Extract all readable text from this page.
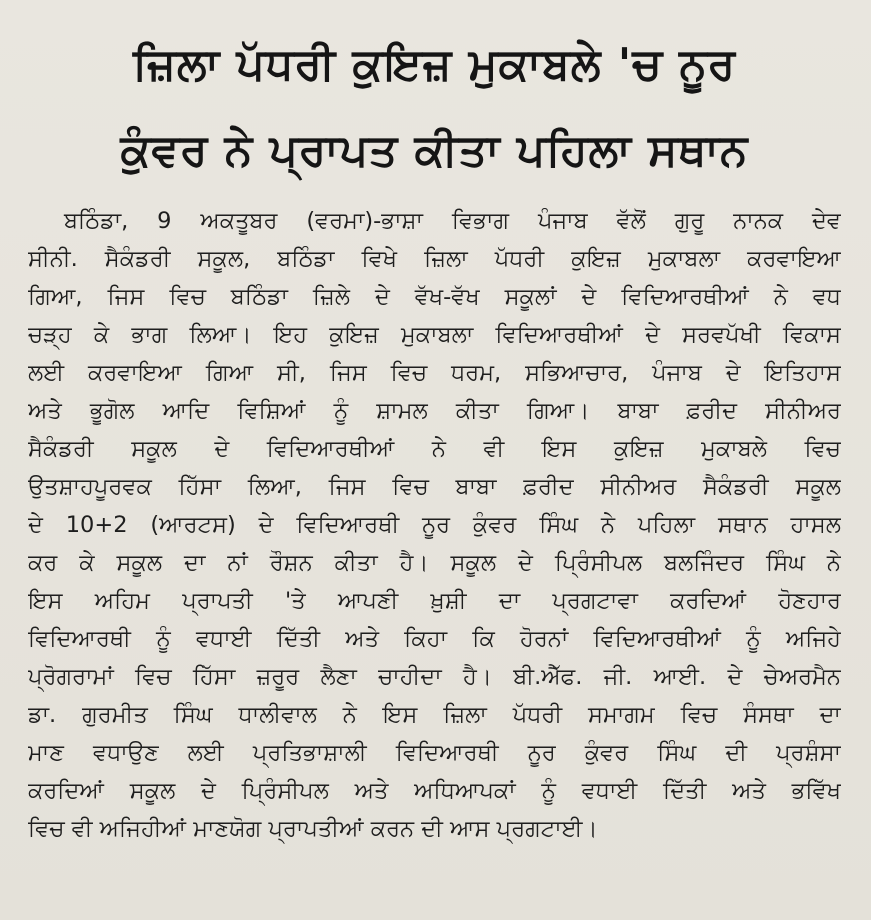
ਜ਼ਿਲਾ ਪੱਧਰੀ ਕੁਇਜ਼ ਮੁਕਾਬਲੇ 'ਚ ਨੂਰ
ਕੁੰਵਰ ਨੇ ਪ੍ਰਾਪਤ ਕੀਤਾ ਪਹਿਲਾ ਸਥਾਨ
ਬਠਿੰਡਾ, 9 ਅਕਤੂਬਰ (ਵਰਮਾ)-ਭਾਸ਼ਾ ਵਿਭਾਗ ਪੰਜਾਬ ਵੱਲੋਂ ਗੁਰੂ ਨਾਨਕ ਦੇਵ
ਸੀਨੀ. ਸੈਕੰਡਰੀ ਸਕੂਲ, ਬਠਿੰਡਾ ਵਿਖੇ ਜ਼ਿਲਾ ਪੱਧਰੀ ਕੁਇਜ਼ ਮੁਕਾਬਲਾ ਕਰਵਾਇਆ
ਗਿਆ, ਜਿਸ ਵਿਚ ਬਠਿੰਡਾ ਜ਼ਿਲੇ ਦੇ ਵੱਖ-ਵੱਖ ਸਕੂਲਾਂ ਦੇ ਵਿਦਿਆਰਥੀਆਂ ਨੇ ਵਧ
ਚੜ੍ਹ ਕੇ ਭਾਗ ਲਿਆ। ਇਹ ਕੁਇਜ਼ ਮੁਕਾਬਲਾ ਵਿਦਿਆਰਥੀਆਂ ਦੇ ਸਰਵਪੱਖੀ ਵਿਕਾਸ
ਲਈ ਕਰਵਾਇਆ ਗਿਆ ਸੀ, ਜਿਸ ਵਿਚ ਧਰਮ, ਸਭਿਆਚਾਰ, ਪੰਜਾਬ ਦੇ ਇਤਿਹਾਸ
ਅਤੇ ਭੂਗੋਲ ਆਦਿ ਵਿਸ਼ਿਆਂ ਨੂੰ ਸ਼ਾਮਲ ਕੀਤਾ ਗਿਆ। ਬਾਬਾ ਫ਼ਰੀਦ ਸੀਨੀਅਰ
ਸੈਕੰਡਰੀ ਸਕੂਲ ਦੇ ਵਿਦਿਆਰਥੀਆਂ ਨੇ ਵੀ ਇਸ ਕੁਇਜ਼ ਮੁਕਾਬਲੇ ਵਿਚ
ਉਤਸ਼ਾਹਪੂਰਵਕ ਹਿੱਸਾ ਲਿਆ, ਜਿਸ ਵਿਚ ਬਾਬਾ ਫ਼ਰੀਦ ਸੀਨੀਅਰ ਸੈਕੰਡਰੀ ਸਕੂਲ
ਦੇ 10+2 (ਆਰਟਸ) ਦੇ ਵਿਦਿਆਰਥੀ ਨੂਰ ਕੁੰਵਰ ਸਿੰਘ ਨੇ ਪਹਿਲਾ ਸਥਾਨ ਹਾਸਲ
ਕਰ ਕੇ ਸਕੂਲ ਦਾ ਨਾਂ ਰੌਸ਼ਨ ਕੀਤਾ ਹੈ। ਸਕੂਲ ਦੇ ਪ੍ਰਿੰਸੀਪਲ ਬਲਜਿੰਦਰ ਸਿੰਘ ਨੇ
ਇਸ ਅਹਿਮ ਪ੍ਰਾਪਤੀ 'ਤੇ ਆਪਣੀ ਖ਼ੁਸ਼ੀ ਦਾ ਪ੍ਰਗਟਾਵਾ ਕਰਦਿਆਂ ਹੋਣਹਾਰ
ਵਿਦਿਆਰਥੀ ਨੂੰ ਵਧਾਈ ਦਿੱਤੀ ਅਤੇ ਕਿਹਾ ਕਿ ਹੋਰਨਾਂ ਵਿਦਿਆਰਥੀਆਂ ਨੂੰ ਅਜਿਹੇ
ਪ੍ਰੋਗਰਾਮਾਂ ਵਿਚ ਹਿੱਸਾ ਜ਼ਰੂਰ ਲੈਣਾ ਚਾਹੀਦਾ ਹੈ। ਬੀ.ਐੱਫ. ਜੀ. ਆਈ. ਦੇ ਚੇਅਰਮੈਨ
ਡਾ. ਗੁਰਮੀਤ ਸਿੰਘ ਧਾਲੀਵਾਲ ਨੇ ਇਸ ਜ਼ਿਲਾ ਪੱਧਰੀ ਸਮਾਗਮ ਵਿਚ ਸੰਸਥਾ ਦਾ
ਮਾਣ ਵਧਾਉਣ ਲਈ ਪ੍ਰਤਿਭਾਸ਼ਾਲੀ ਵਿਦਿਆਰਥੀ ਨੂਰ ਕੁੰਵਰ ਸਿੰਘ ਦੀ ਪ੍ਰਸ਼ੰਸਾ
ਕਰਦਿਆਂ ਸਕੂਲ ਦੇ ਪ੍ਰਿੰਸੀਪਲ ਅਤੇ ਅਧਿਆਪਕਾਂ ਨੂੰ ਵਧਾਈ ਦਿੱਤੀ ਅਤੇ ਭਵਿੱਖ
ਵਿਚ ਵੀ ਅਜਿਹੀਆਂ ਮਾਣਯੋਗ ਪ੍ਰਾਪਤੀਆਂ ਕਰਨ ਦੀ ਆਸ ਪ੍ਰਗਟਾਈ।
